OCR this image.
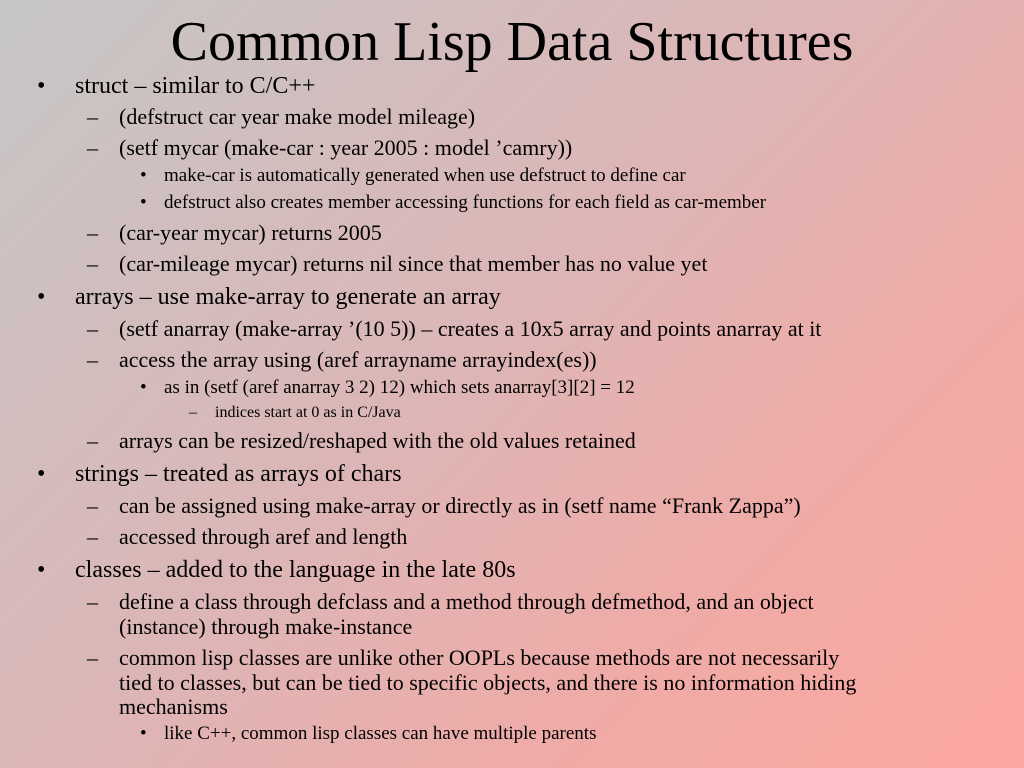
Common Lisp Data Structures
• struct – similar to C/C++
– (defstruct car year make model mileage)
– (setf mycar (make-car : year 2005 : model ’camry))
• make-car is automatically generated when use defstruct to define car
• defstruct also creates member accessing functions for each field as car-member
– (car-year mycar) returns 2005
– (car-mileage mycar) returns nil since that member has no value yet
• arrays – use make-array to generate an array
– (setf anarray (make-array ’(10 5)) – creates a 10x5 array and points anarray at it
– access the array using (aref arrayname arrayindex(es))
• as in (setf (aref anarray 3 2) 12) which sets anarray[3][2] = 12
– indices start at 0 as in C/Java
– arrays can be resized/reshaped with the old values retained
• strings – treated as arrays of chars
– can be assigned using make-array or directly as in (setf name “Frank Zappa”)
– accessed through aref and length
• classes – added to the language in the late 80s
– define a class through defclass and a method through defmethod, and an object
(instance) through make-instance
– common lisp classes are unlike other OOPLs because methods are not necessarily
tied to classes, but can be tied to specific objects, and there is no information hiding
mechanisms
• like C++, common lisp classes can have multiple parents
